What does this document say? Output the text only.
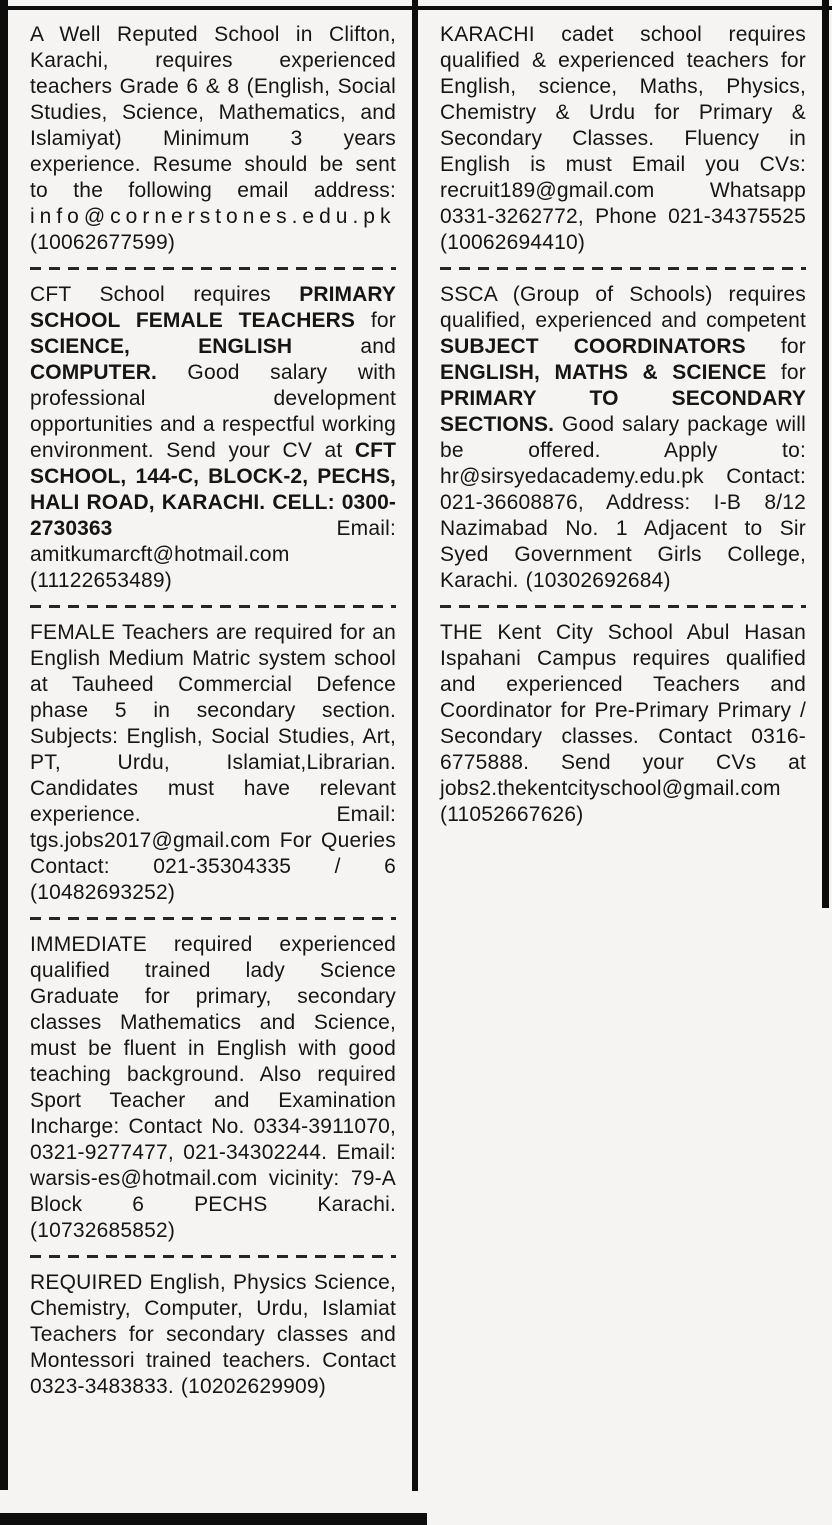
A Well Reputed School in Clifton, Karachi, requires experienced teachers Grade 6 & 8 (English, Social Studies, Science, Mathematics, and Islamiyat) Minimum 3 years experience. Resume should be sent to the following email address: info@cornerstones.edu.pk (10062677599)

CFT School requires PRIMARY SCHOOL FEMALE TEACHERS for SCIENCE, ENGLISH and COMPUTER. Good salary with professional development opportunities and a respectful working environment. Send your CV at CFT SCHOOL, 144-C, BLOCK-2, PECHS, HALI ROAD, KARACHI. CELL: 0300-2730363 Email: amitkumarcft@hotmail.com (11122653489)

FEMALE Teachers are required for an English Medium Matric system school at Tauheed Commercial Defence phase 5 in secondary section. Subjects: English, Social Studies, Art, PT, Urdu, Islamiat,Librarian. Candidates must have relevant experience. Email: tgs.jobs2017@gmail.com For Queries Contact: 021-35304335 / 6 (10482693252)

IMMEDIATE required experienced qualified trained lady Science Graduate for primary, secondary classes Mathematics and Science, must be fluent in English with good teaching background. Also required Sport Teacher and Examination Incharge: Contact No. 0334-3911070, 0321-9277477, 021-34302244. Email: warsis-es@hotmail.com vicinity: 79-A Block 6 PECHS Karachi. (10732685852)

REQUIRED English, Physics Science, Chemistry, Computer, Urdu, Islamiat Teachers for secondary classes and Montessori trained teachers. Contact 0323-3483833. (10202629909)

KARACHI cadet school requires qualified & experienced teachers for English, science, Maths, Physics, Chemistry & Urdu for Primary & Secondary Classes. Fluency in English is must Email you CVs: recruit189@gmail.com Whatsapp 0331-3262772, Phone 021-34375525 (10062694410)

SSCA (Group of Schools) requires qualified, experienced and competent SUBJECT COORDINATORS for ENGLISH, MATHS & SCIENCE for PRIMARY TO SECONDARY SECTIONS. Good salary package will be offered. Apply to: hr@sirsyedacademy.edu.pk Contact: 021-36608876, Address: I-B 8/12 Nazimabad No. 1 Adjacent to Sir Syed Government Girls College, Karachi. (10302692684)

THE Kent City School Abul Hasan Ispahani Campus requires qualified and experienced Teachers and Coordinator for Pre-Primary Primary / Secondary classes. Contact 0316-6775888. Send your CVs at jobs2.thekentcityschool@gmail.com (11052667626)
